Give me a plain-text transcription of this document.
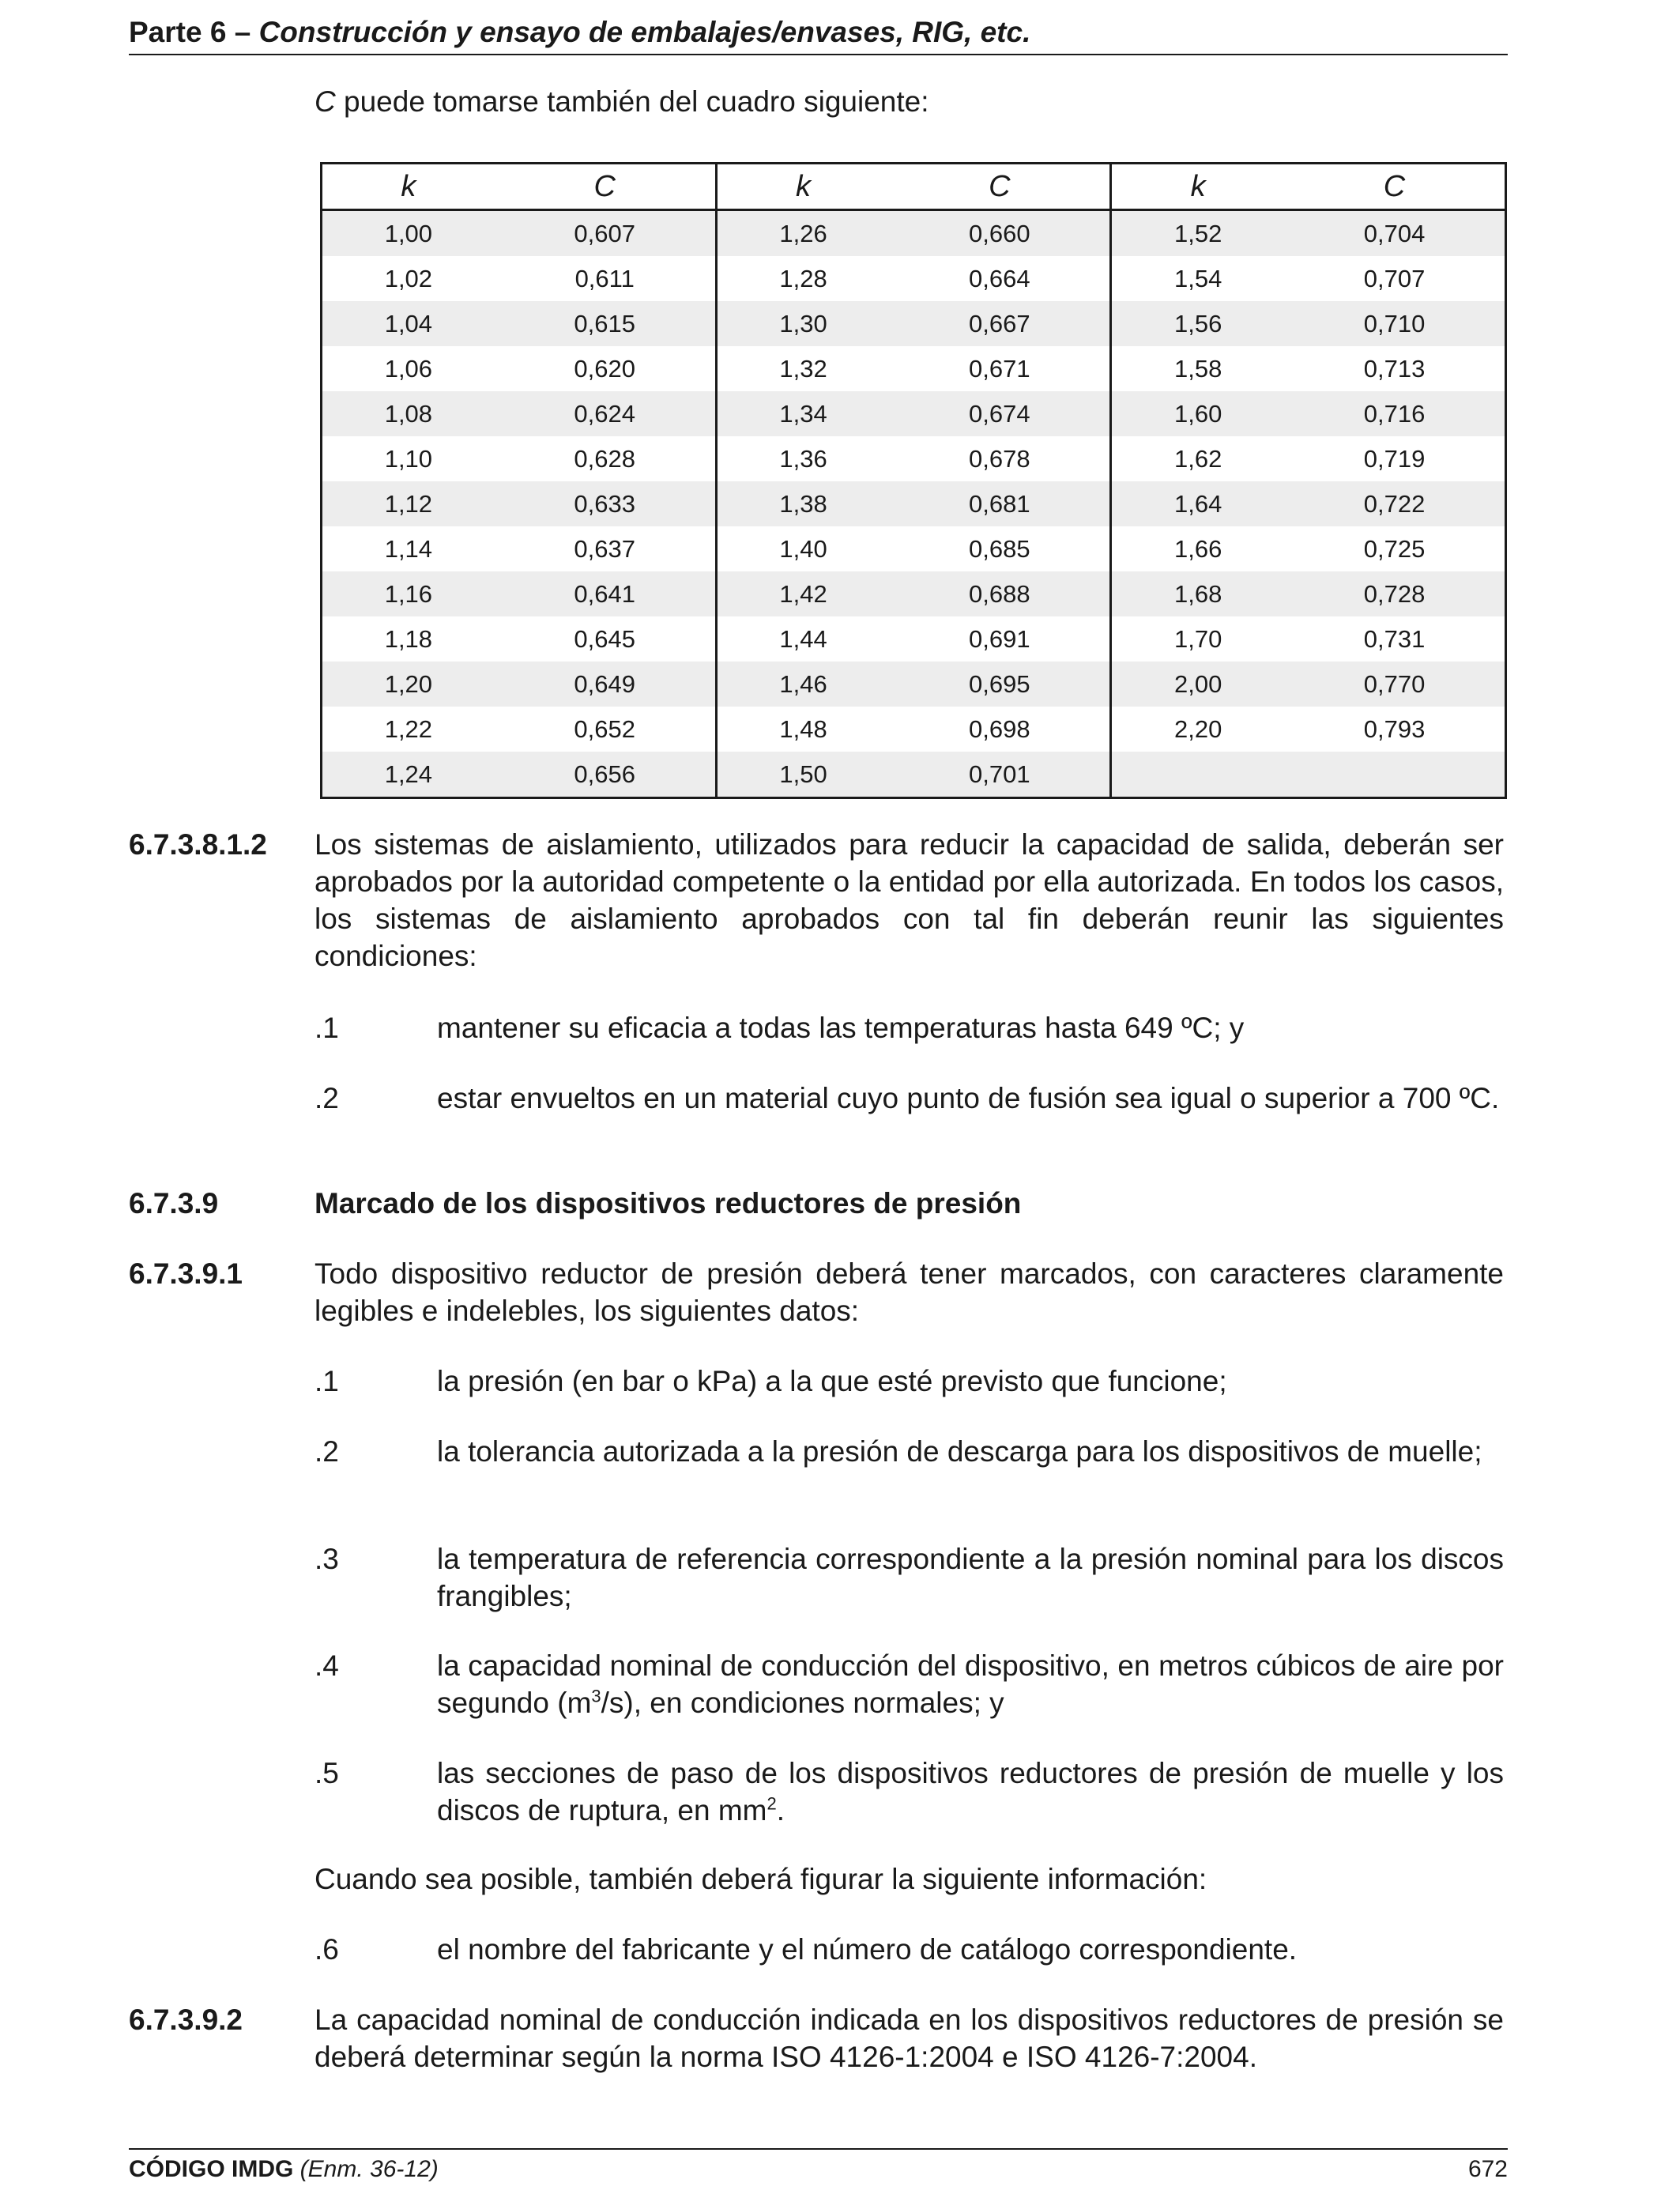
Parte 6 – Construcción y ensayo de embalajes/envases, RIG, etc.
C puede tomarse también del cuadro siguiente:
k	C	k	C	k	C
1,00	0,607	1,26	0,660	1,52	0,704
1,02	0,611	1,28	0,664	1,54	0,707
1,04	0,615	1,30	0,667	1,56	0,710
1,06	0,620	1,32	0,671	1,58	0,713
1,08	0,624	1,34	0,674	1,60	0,716
1,10	0,628	1,36	0,678	1,62	0,719
1,12	0,633	1,38	0,681	1,64	0,722
1,14	0,637	1,40	0,685	1,66	0,725
1,16	0,641	1,42	0,688	1,68	0,728
1,18	0,645	1,44	0,691	1,70	0,731
1,20	0,649	1,46	0,695	2,00	0,770
1,22	0,652	1,48	0,698	2,20	0,793
1,24	0,656	1,50	0,701		
6.7.3.8.1.2 Los sistemas de aislamiento, utilizados para reducir la capacidad de salida, deberán ser aprobados por la autoridad competente o la entidad por ella autorizada. En todos los casos, los sistemas de aislamiento aprobados con tal fin deberán reunir las siguientes condiciones:
.1	mantener su eficacia a todas las temperaturas hasta 649 ºC; y
.2	estar envueltos en un material cuyo punto de fusión sea igual o superior a 700 ºC.
6.7.3.9	Marcado de los dispositivos reductores de presión
6.7.3.9.1 Todo dispositivo reductor de presión deberá tener marcados, con caracteres claramente legibles e indelebles, los siguientes datos:
.1	la presión (en bar o kPa) a la que esté previsto que funcione;
.2	la tolerancia autorizada a la presión de descarga para los dispositivos de muelle;
.3	la temperatura de referencia correspondiente a la presión nominal para los discos frangibles;
.4	la capacidad nominal de conducción del dispositivo, en metros cúbicos de aire por segundo $(m^3/s)$, en condiciones normales; y
.5	las secciones de paso de los dispositivos reductores de presión de muelle y los discos de ruptura, en $mm^2$.
Cuando sea posible, también deberá figurar la siguiente información:
.6	el nombre del fabricante y el número de catálogo correspondiente.
6.7.3.9.2 La capacidad nominal de conducción indicada en los dispositivos reductores de presión se deberá determinar según la norma ISO 4126-1:2004 e ISO 4126-7:2004.
CÓDIGO IMDG (Enm. 36-12)	672
